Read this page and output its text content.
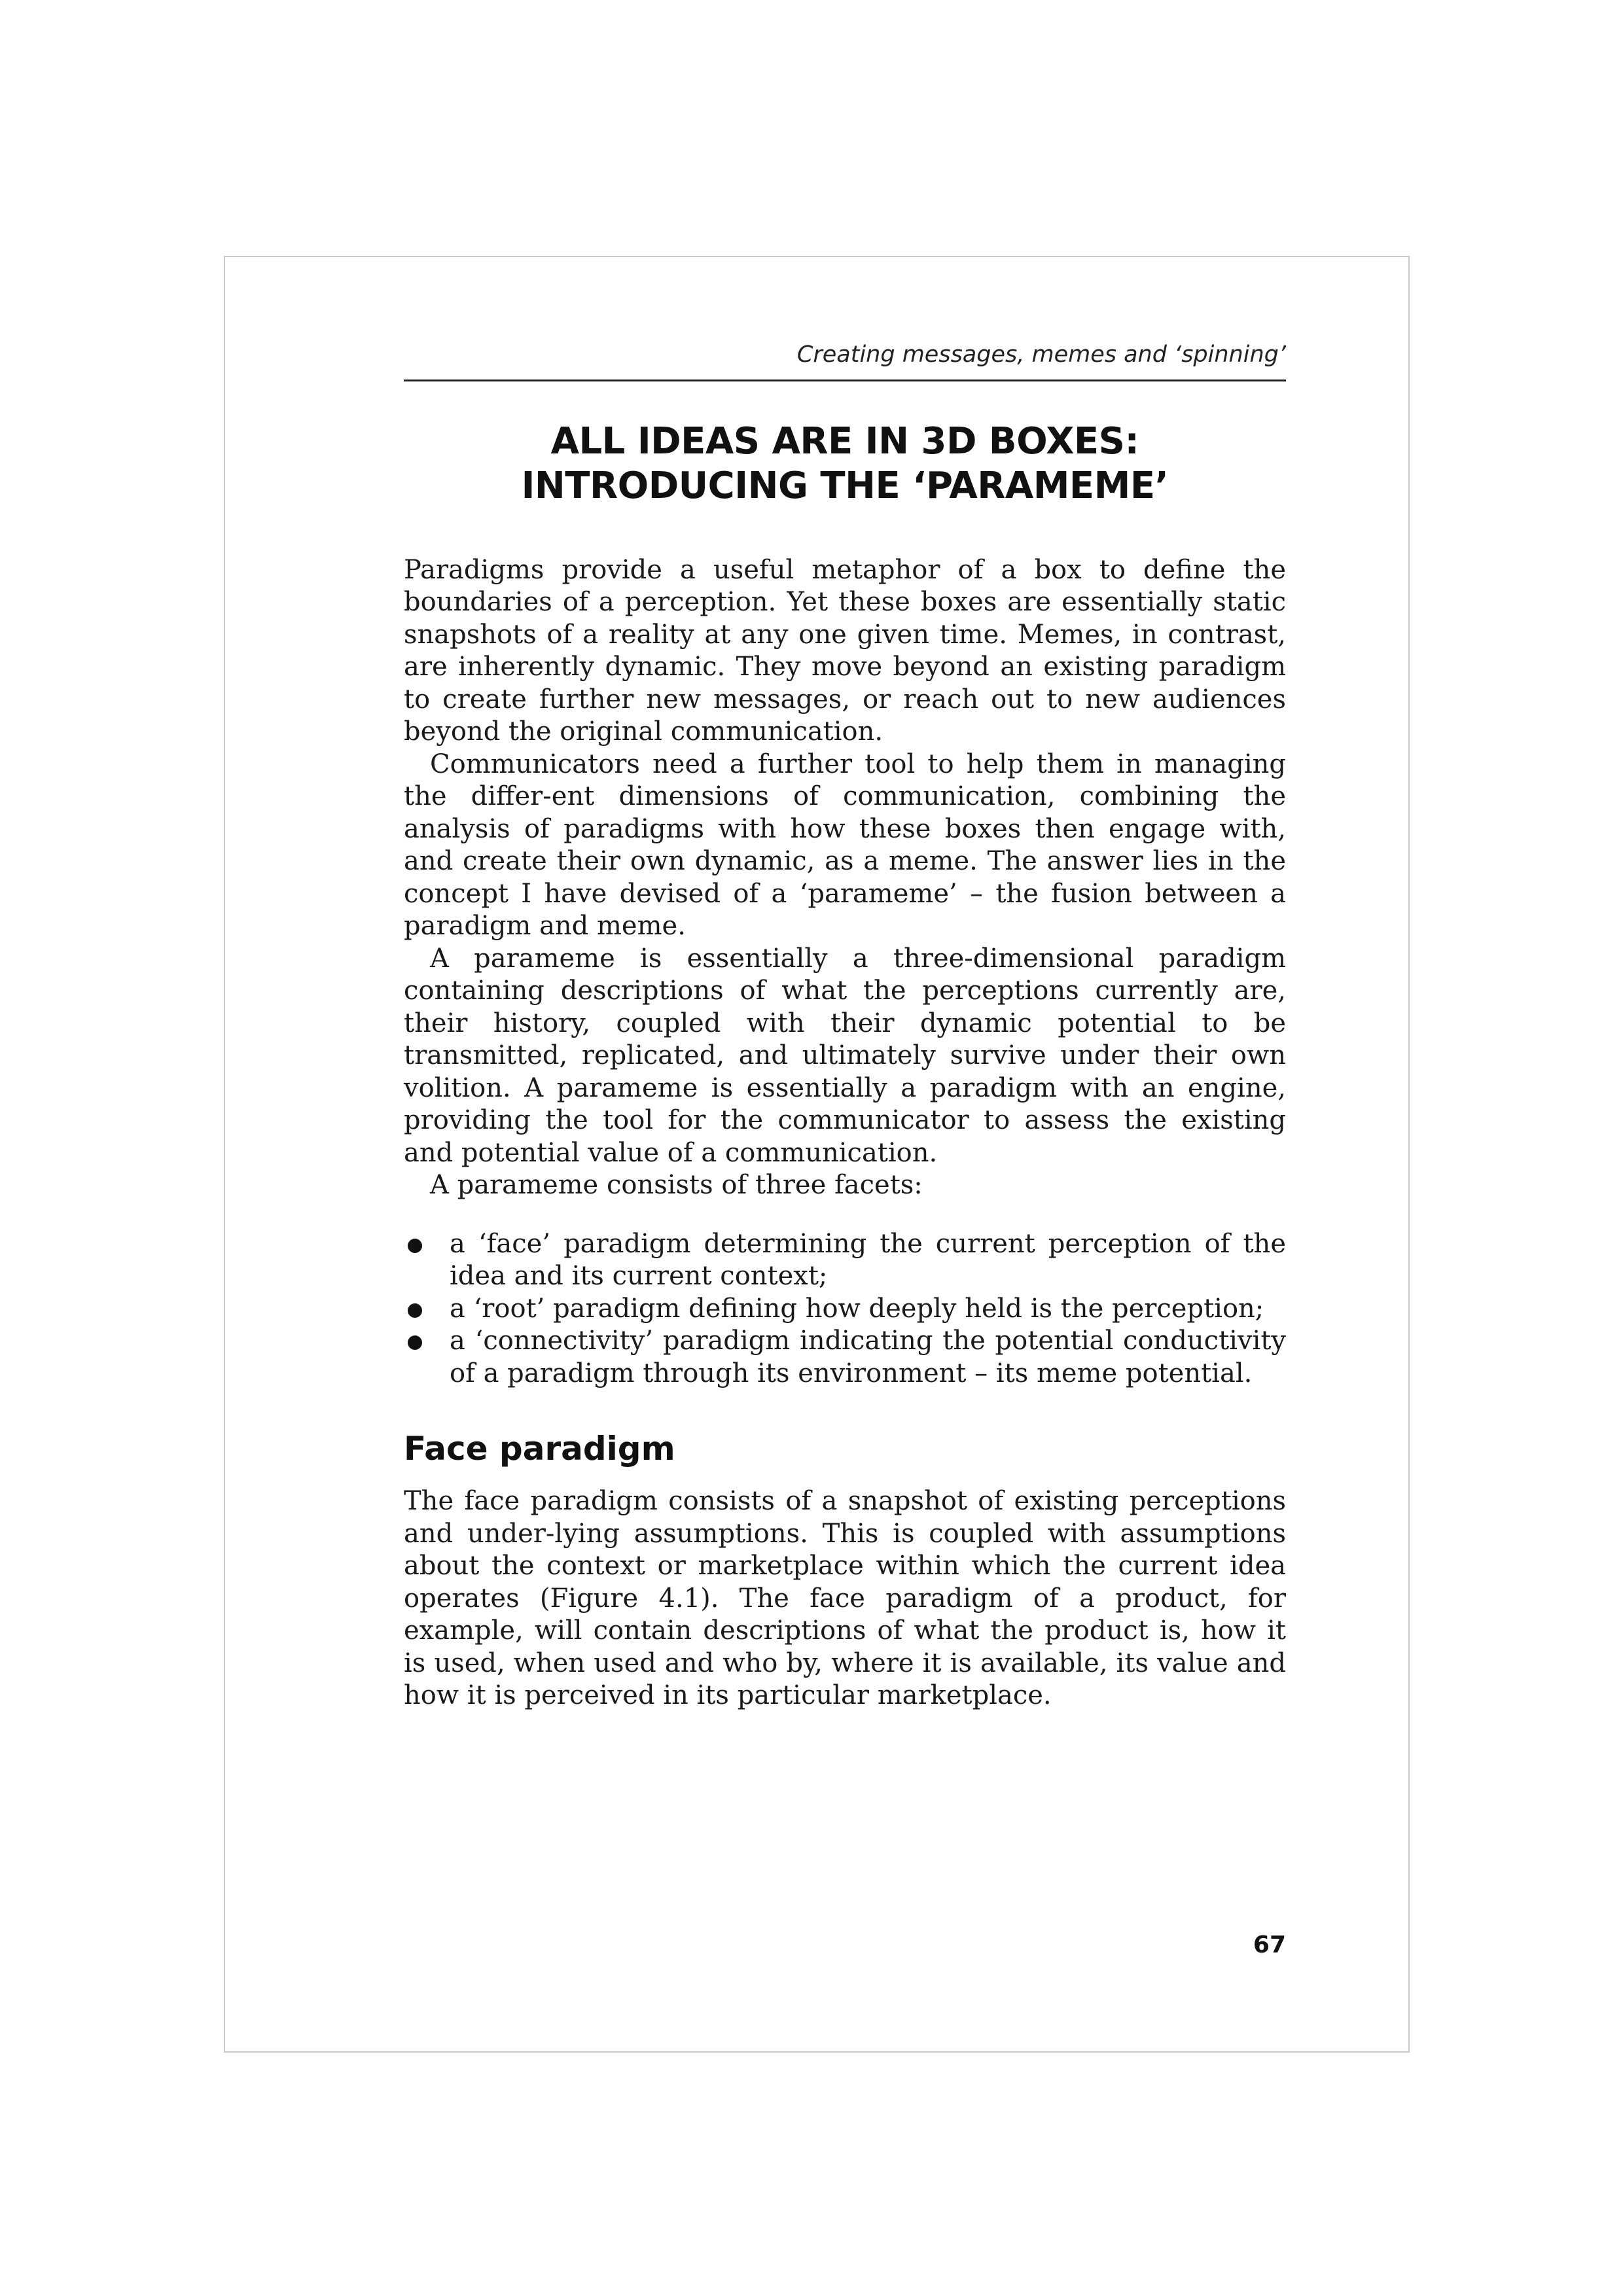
Creating messages, memes and ‘spinning’
ALL IDEAS ARE IN 3D BOXES: INTRODUCING THE ‘PARAMEME’

Paradigms provide a useful metaphor of a box to define the boundaries of a perception. Yet these boxes are essentially static snapshots of a reality at any one given time. Memes, in contrast, are inherently dynamic. They move beyond an existing paradigm to create further new messages, or reach out to new audiences beyond the original communication.

Communicators need a further tool to help them in managing the differ-ent dimensions of communication, combining the analysis of paradigms with how these boxes then engage with, and create their own dynamic, as a meme. The answer lies in the concept I have devised of a ‘parameme’ – the fusion between a paradigm and meme.

A parameme is essentially a three-dimensional paradigm containing descriptions of what the perceptions currently are, their history, coupled with their dynamic potential to be transmitted, replicated, and ultimately survive under their own volition. A parameme is essentially a paradigm with an engine, providing the tool for the communicator to assess the existing and potential value of a communication.

A parameme consists of three facets:

a ‘face’ paradigm determining the current perception of the idea and its current context;
a ‘root’ paradigm defining how deeply held is the perception;
a ‘connectivity’ paradigm indicating the potential conductivity of a paradigm through its environment – its meme potential.
Face paradigm

The face paradigm consists of a snapshot of existing perceptions and under-lying assumptions. This is coupled with assumptions about the context or marketplace within which the current idea operates (Figure 4.1). The face paradigm of a product, for example, will contain descriptions of what the product is, how it is used, when used and who by, where it is available, its value and how it is perceived in its particular marketplace.

67
